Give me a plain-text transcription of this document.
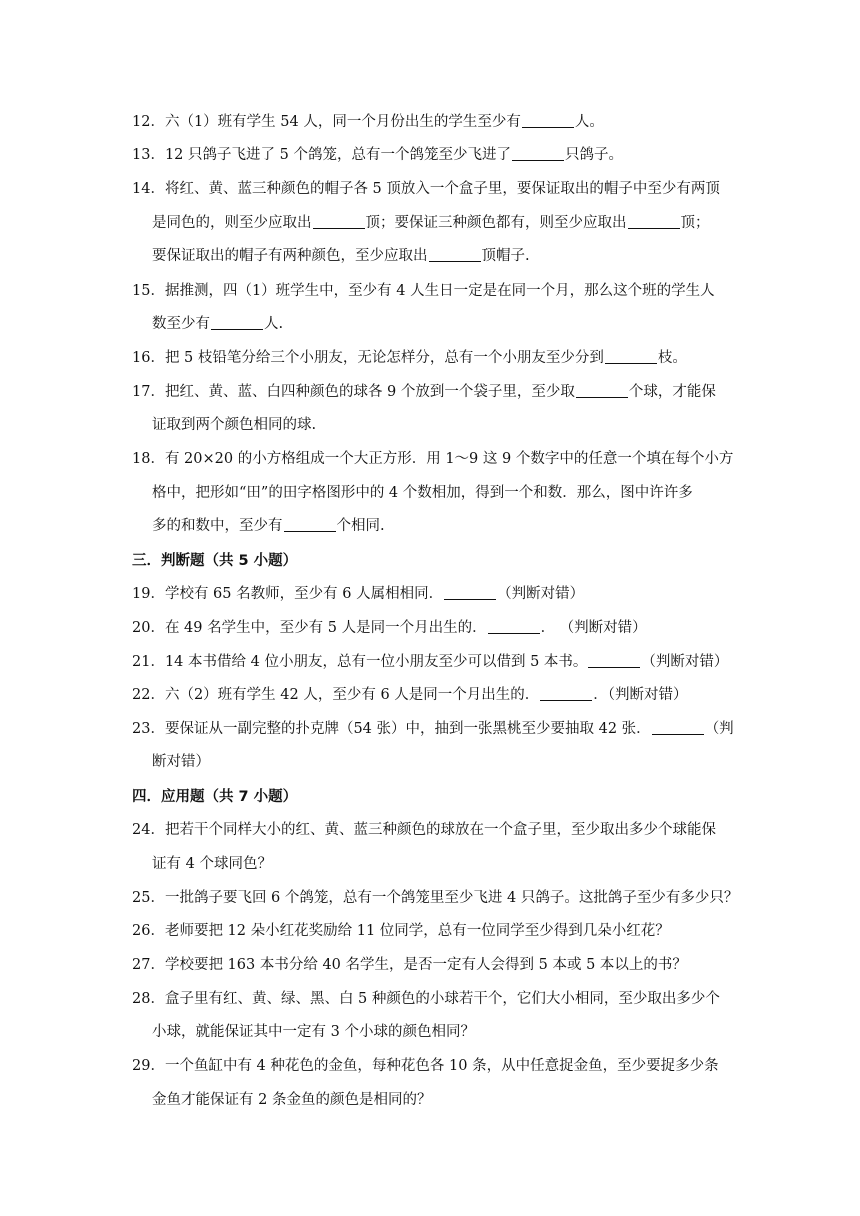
12．六（1）班有学生 54 人，同一个月份出生的学生至少有	人。
13．12 只鸽子飞进了 5 个鸽笼，总有一个鸽笼至少飞进了	只鸽子。
14．将红、黄、蓝三种颜色的帽子各 5 顶放入一个盒子里，要保证取出的帽子中至少有两顶
是同色的，则至少应取出	顶；要保证三种颜色都有，则至少应取出	顶；
要保证取出的帽子有两种颜色，至少应取出	顶帽子.
15．据推测，四（1）班学生中，至少有 4 人生日一定是在同一个月，那么这个班的学生人
数至少有	人.
16．把 5 枝铅笔分给三个小朋友，无论怎样分，总有一个小朋友至少分到	枝。
17．把红、黄、蓝、白四种颜色的球各 9 个放到一个袋子里，至少取	个球，才能保
证取到两个颜色相同的球.
18．有 20×20 的小方格组成一个大正方形．用 1～9 这 9 个数字中的任意一个填在每个小方
格中，把形如“田”的田字格图形中的 4 个数相加，得到一个和数．那么，图中许许多
多的和数中，至少有	个相同.
三．判断题（共 5 小题）
19．学校有 65 名教师，至少有 6 人属相相同．	（判断对错）
20．在 49 名学生中，至少有 5 人是同一个月出生的．	． （判断对错）
21．14 本书借给 4 位小朋友，总有一位小朋友至少可以借到 5 本书。	（判断对错）
22．六（2）班有学生 42 人，至少有 6 人是同一个月出生的．	．（判断对错）
23．要保证从一副完整的扑克牌（54 张）中，抽到一张黑桃至少要抽取 42 张．	（判
断对错）
四．应用题（共 7 小题）
24．把若干个同样大小的红、黄、蓝三种颜色的球放在一个盒子里，至少取出多少个球能保
证有 4 个球同色？
25．一批鸽子要飞回 6 个鸽笼，总有一个鸽笼里至少飞进 4 只鸽子。这批鸽子至少有多少只？
26．老师要把 12 朵小红花奖励给 11 位同学，总有一位同学至少得到几朵小红花？
27．学校要把 163 本书分给 40 名学生，是否一定有人会得到 5 本或 5 本以上的书？
28．盒子里有红、黄、绿、黑、白 5 种颜色的小球若干个，它们大小相同，至少取出多少个
小球，就能保证其中一定有 3 个小球的颜色相同？
29．一个鱼缸中有 4 种花色的金鱼，每种花色各 10 条，从中任意捉金鱼，至少要捉多少条
金鱼才能保证有 2 条金鱼的颜色是相同的？
